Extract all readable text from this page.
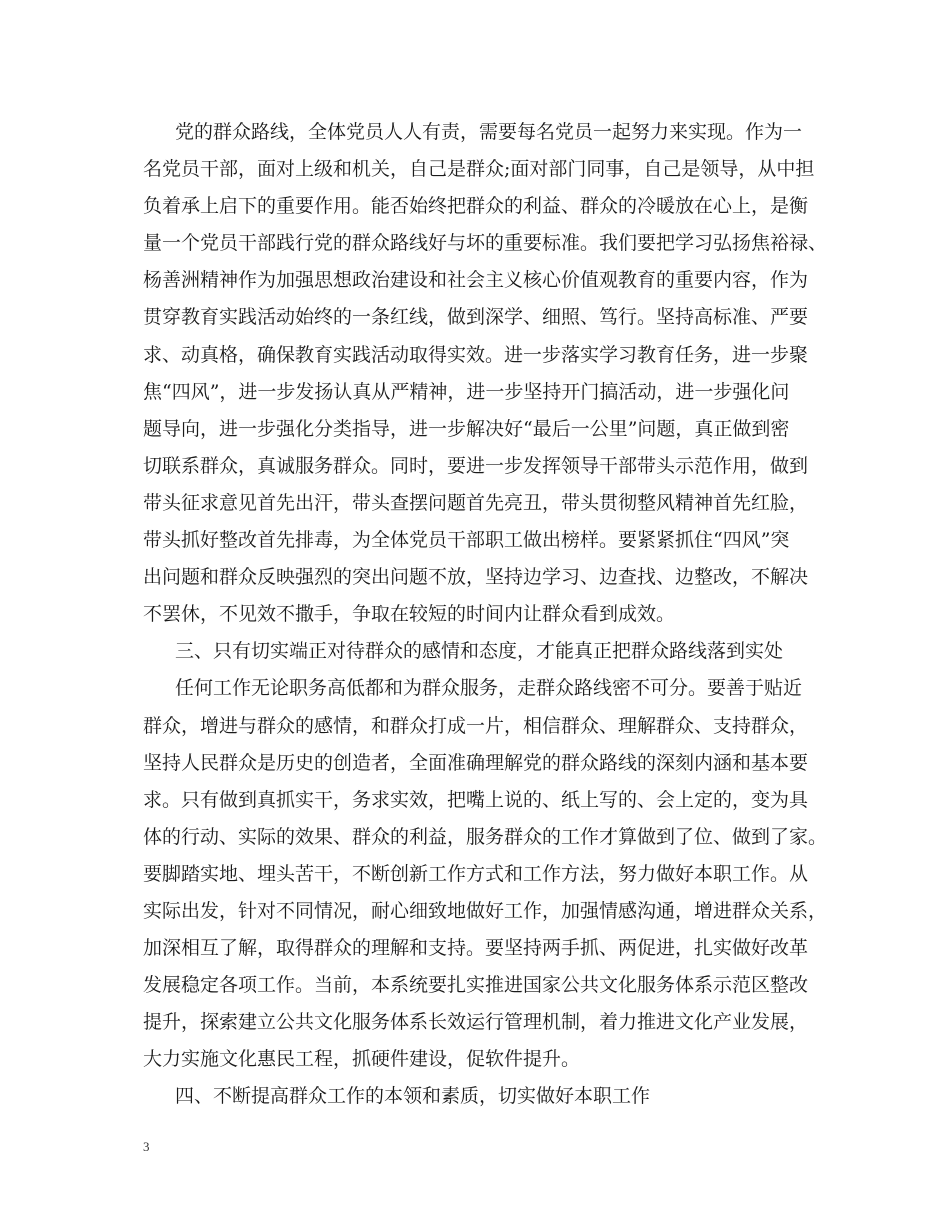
党的群众路线，全体党员人人有责，需要每名党员一起努力来实现。作为一
名党员干部，面对上级和机关，自己是群众;面对部门同事，自己是领导，从中担
负着承上启下的重要作用。能否始终把群众的利益、群众的冷暖放在心上，是衡
量一个党员干部践行党的群众路线好与坏的重要标准。我们要把学习弘扬焦裕禄、
杨善洲精神作为加强思想政治建设和社会主义核心价值观教育的重要内容，作为
贯穿教育实践活动始终的一条红线，做到深学、细照、笃行。坚持高标准、严要
求、动真格，确保教育实践活动取得实效。进一步落实学习教育任务，进一步聚
焦“四风”，进一步发扬认真从严精神，进一步坚持开门搞活动，进一步强化问
题导向，进一步强化分类指导，进一步解决好“最后一公里”问题，真正做到密
切联系群众，真诚服务群众。同时，要进一步发挥领导干部带头示范作用，做到
带头征求意见首先出汗，带头查摆问题首先亮丑，带头贯彻整风精神首先红脸，
带头抓好整改首先排毒，为全体党员干部职工做出榜样。要紧紧抓住“四风”突
出问题和群众反映强烈的突出问题不放，坚持边学习、边查找、边整改，不解决
不罢休，不见效不撒手，争取在较短的时间内让群众看到成效。
三、只有切实端正对待群众的感情和态度，才能真正把群众路线落到实处
任何工作无论职务高低都和为群众服务，走群众路线密不可分。要善于贴近
群众，增进与群众的感情，和群众打成一片，相信群众、理解群众、支持群众，
坚持人民群众是历史的创造者，全面准确理解党的群众路线的深刻内涵和基本要
求。只有做到真抓实干，务求实效，把嘴上说的、纸上写的、会上定的，变为具
体的行动、实际的效果、群众的利益，服务群众的工作才算做到了位、做到了家。
要脚踏实地、埋头苦干，不断创新工作方式和工作方法，努力做好本职工作。从
实际出发，针对不同情况，耐心细致地做好工作，加强情感沟通，增进群众关系，
加深相互了解，取得群众的理解和支持。要坚持两手抓、两促进，扎实做好改革
发展稳定各项工作。当前，本系统要扎实推进国家公共文化服务体系示范区整改
提升，探索建立公共文化服务体系长效运行管理机制，着力推进文化产业发展，
大力实施文化惠民工程，抓硬件建设，促软件提升。
四、不断提高群众工作的本领和素质，切实做好本职工作
3
